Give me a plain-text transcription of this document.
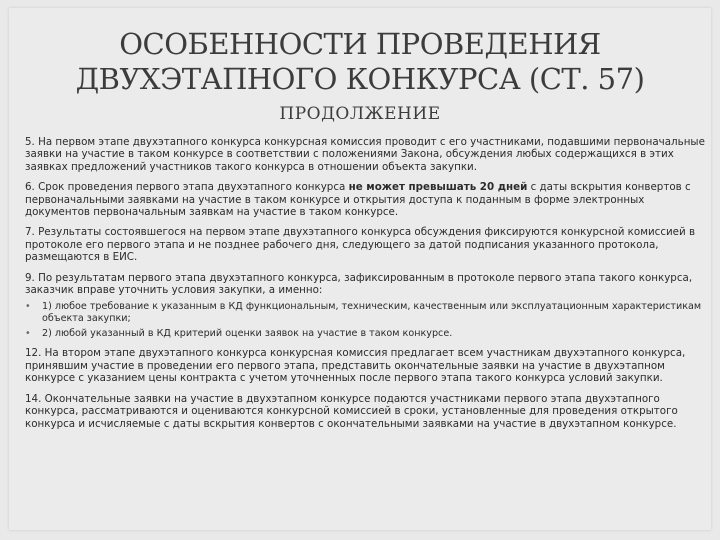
ОСОБЕННОСТИ ПРОВЕДЕНИЯ
ДВУХЭТАПНОГО КОНКУРСА (СТ. 57)
ПРОДОЛЖЕНИЕ

5. На первом этапе двухэтапного конкурса конкурсная комиссия проводит с его участниками, подавшими первоначальные заявки на участие в таком конкурсе в соответствии с положениями Закона, обсуждения любых содержащихся в этих заявках предложений участников такого конкурса в отношении объекта закупки.

6. Срок проведения первого этапа двухэтапного конкурса не может превышать 20 дней с даты вскрытия конвертов с первоначальными заявками на участие в таком конкурсе и открытия доступа к поданным в форме электронных документов первоначальным заявкам на участие в таком конкурсе.

7. Результаты состоявшегося на первом этапе двухэтапного конкурса обсуждения фиксируются конкурсной комиссией в протоколе его первого этапа и не позднее рабочего дня, следующего за датой подписания указанного протокола, размещаются в ЕИС.

9. По результатам первого этапа двухэтапного конкурса, зафиксированным в протоколе первого этапа такого конкурса, заказчик вправе уточнить условия закупки, а именно:

• 1) любое требование к указанным в КД функциональным, техническим, качественным или эксплуатационным характеристикам объекта закупки;
• 2) любой указанный в КД критерий оценки заявок на участие в таком конкурсе.

12. На втором этапе двухэтапного конкурса конкурсная комиссия предлагает всем участникам двухэтапного конкурса, принявшим участие в проведении его первого этапа, представить окончательные заявки на участие в двухэтапном конкурсе с указанием цены контракта с учетом уточненных после первого этапа такого конкурса условий закупки.

14. Окончательные заявки на участие в двухэтапном конкурсе подаются участниками первого этапа двухэтапного конкурса, рассматриваются и оцениваются конкурсной комиссией в сроки, установленные для проведения открытого конкурса и исчисляемые с даты вскрытия конвертов с окончательными заявками на участие в двухэтапном конкурсе.
